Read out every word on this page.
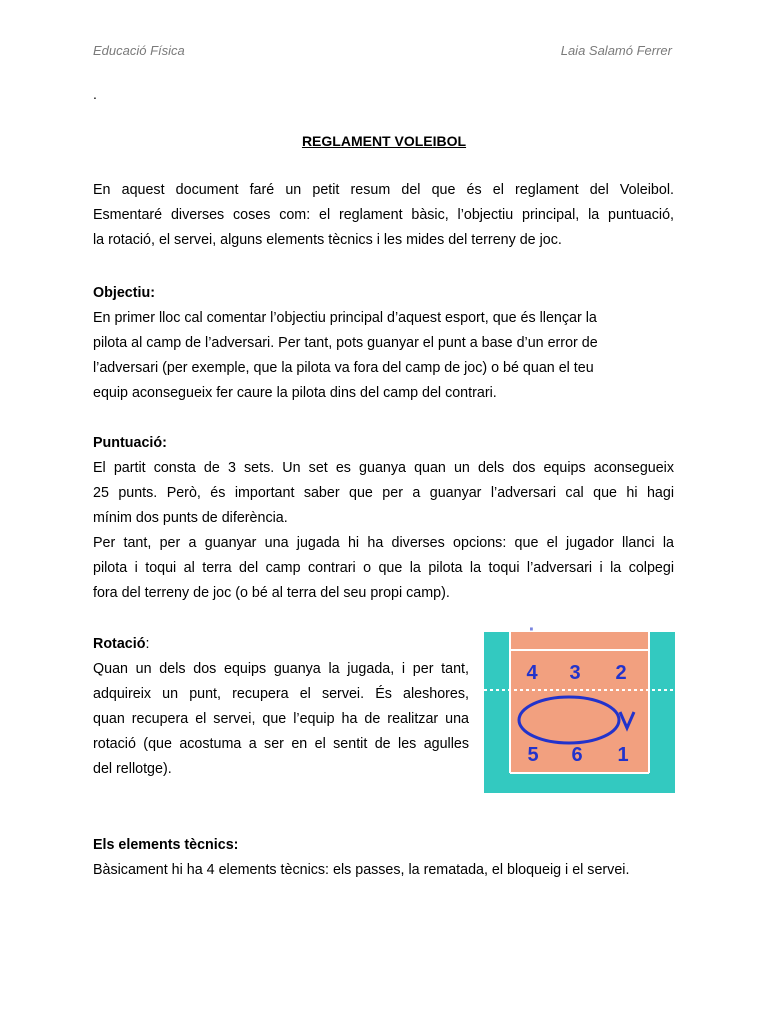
Educació Física	Laia Salamó Ferrer
.
REGLAMENT VOLEIBOL
En aquest document faré un petit resum del que és el reglament del Voleibol.
Esmentaré diverses coses com: el reglament bàsic, l’objectiu principal, la puntuació,
la rotació, el servei, alguns elements tècnics i les mides del terreny de joc.
Objectiu:
En primer lloc cal comentar l’objectiu principal d’aquest esport, que és llençar la
pilota al camp de l’adversari. Per tant, pots guanyar el punt a base d’un error de
l’adversari (per exemple, que la pilota va fora del camp de joc) o bé quan el teu
equip aconsegueix fer caure la pilota dins del camp del contrari.
Puntuació:
El partit consta de 3 sets. Un set es guanya quan un dels dos equips aconsegueix
25 punts. Però, és important saber que per a guanyar l’adversari cal que hi hagi
mínim dos punts de diferència.
Per tant, per a guanyar una jugada hi ha diverses opcions: que el jugador llanci la
pilota i toqui al terra del camp contrari o que la pilota la toqui l’adversari i la colpegi
fora del terreny de joc (o bé al terra del seu propi camp).
Rotació:
Quan un dels dos equips guanya la jugada, i per tant,
adquireix un punt, recupera el servei. És aleshores,
quan recupera el servei, que l’equip ha de realitzar una
rotació (que acostuma a ser en el sentit de les agulles
del rellotge).
·
4 3 2
5 6 1
Els elements tècnics:
Bàsicament hi ha 4 elements tècnics: els passes, la rematada, el bloqueig i el servei.
